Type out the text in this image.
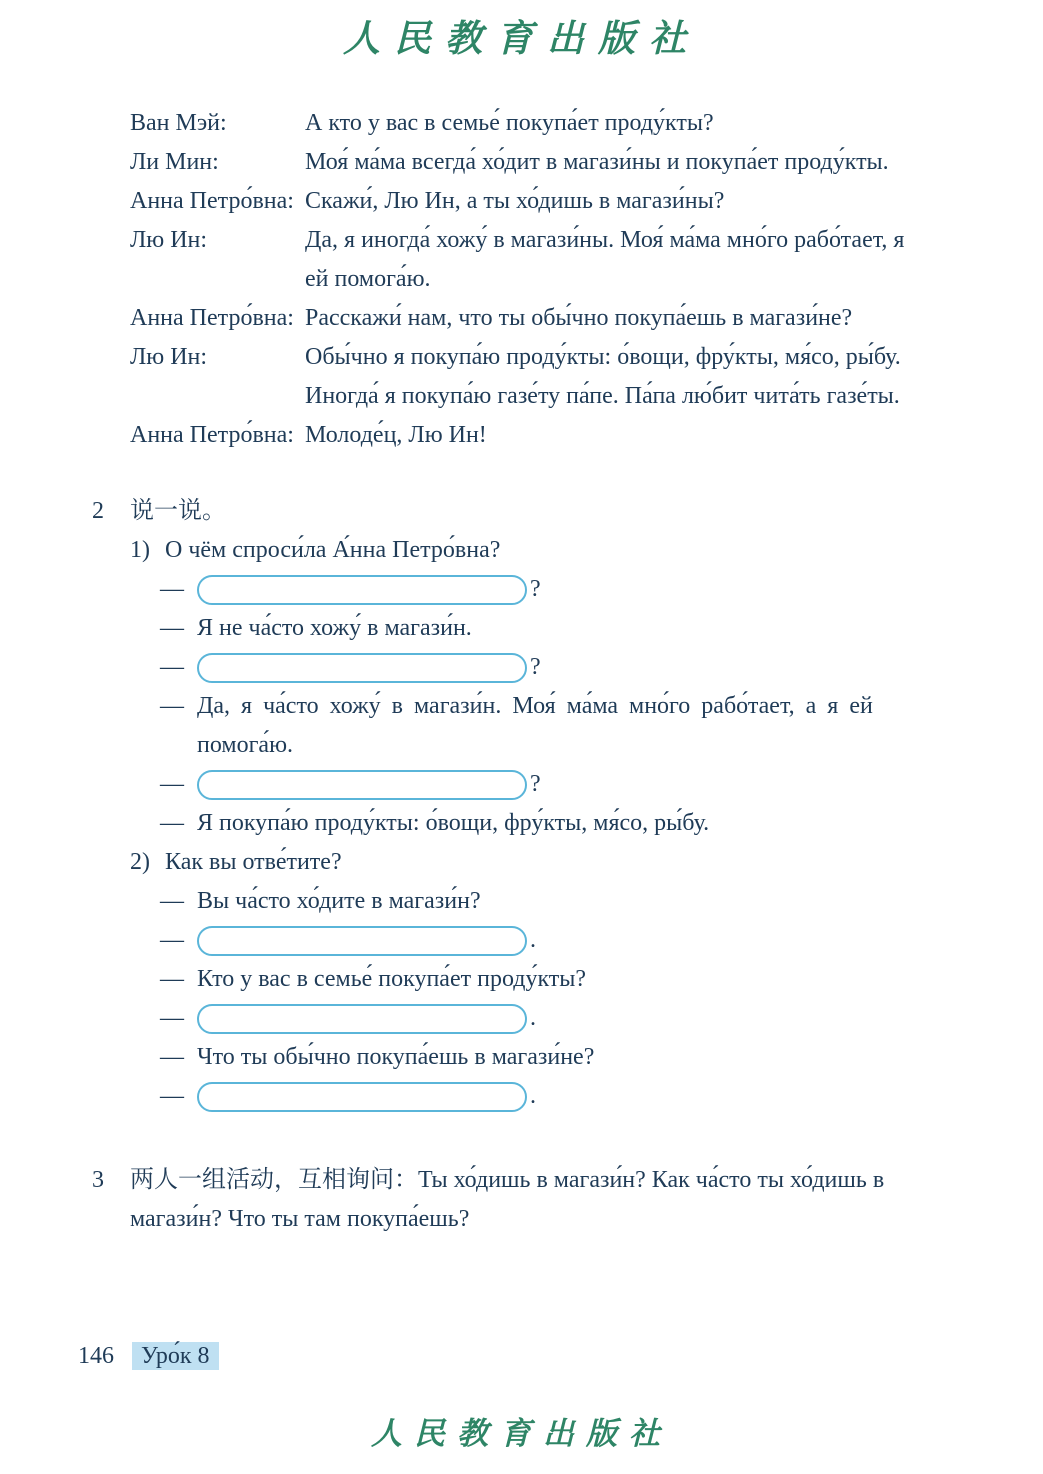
人民教育出版社
Ван Мэй:	А кто у вас в семье́ покупа́ет проду́кты?
Ли Мин:	Моя́ ма́ма всегда́ хо́дит в магази́ны и покупа́ет проду́кты.
Анна Петро́вна: Скажи́, Лю Ин, а ты хо́дишь в магази́ны?
Лю Ин:	Да, я иногда́ хожу́ в магази́ны. Моя́ ма́ма мно́го рабо́тает, я
ей помога́ю.
Анна Петро́вна: Расскажи́ нам, что ты обы́чно покупа́ешь в магази́не?
Лю Ин:	Обы́чно я покупа́ю проду́кты: о́вощи, фру́кты, мя́со, ры́бу.
Иногда́ я покупа́ю газе́ту па́пе. Па́па лю́бит чита́ть газе́ты.
Анна Петро́вна: Молоде́ц, Лю Ин!
2	说一说。
1) О чём спроси́ла А́нна Петро́вна?
—	?
— Я не ча́сто хожу́ в магази́н.
—	?
— Да, я ча́сто хожу́ в магази́н. Моя́ ма́ма мно́го рабо́тает, а я ей
помога́ю.
—	?
— Я покупа́ю проду́кты: о́вощи, фру́кты, мя́со, ры́бу.
2) Как вы отве́тите?
— Вы ча́сто хо́дите в магази́н?
—	.
— Кто у вас в семье́ покупа́ет проду́кты?
—	.
— Что ты обы́чно покупа́ешь в магази́не?
—	.
3	两人一组活动，互相询问：Ты хо́дишь в магази́н? Как ча́сто ты хо́дишь в
магази́н? Что ты там покупа́ешь?
146 Уро́к 8
人民教育出版社
